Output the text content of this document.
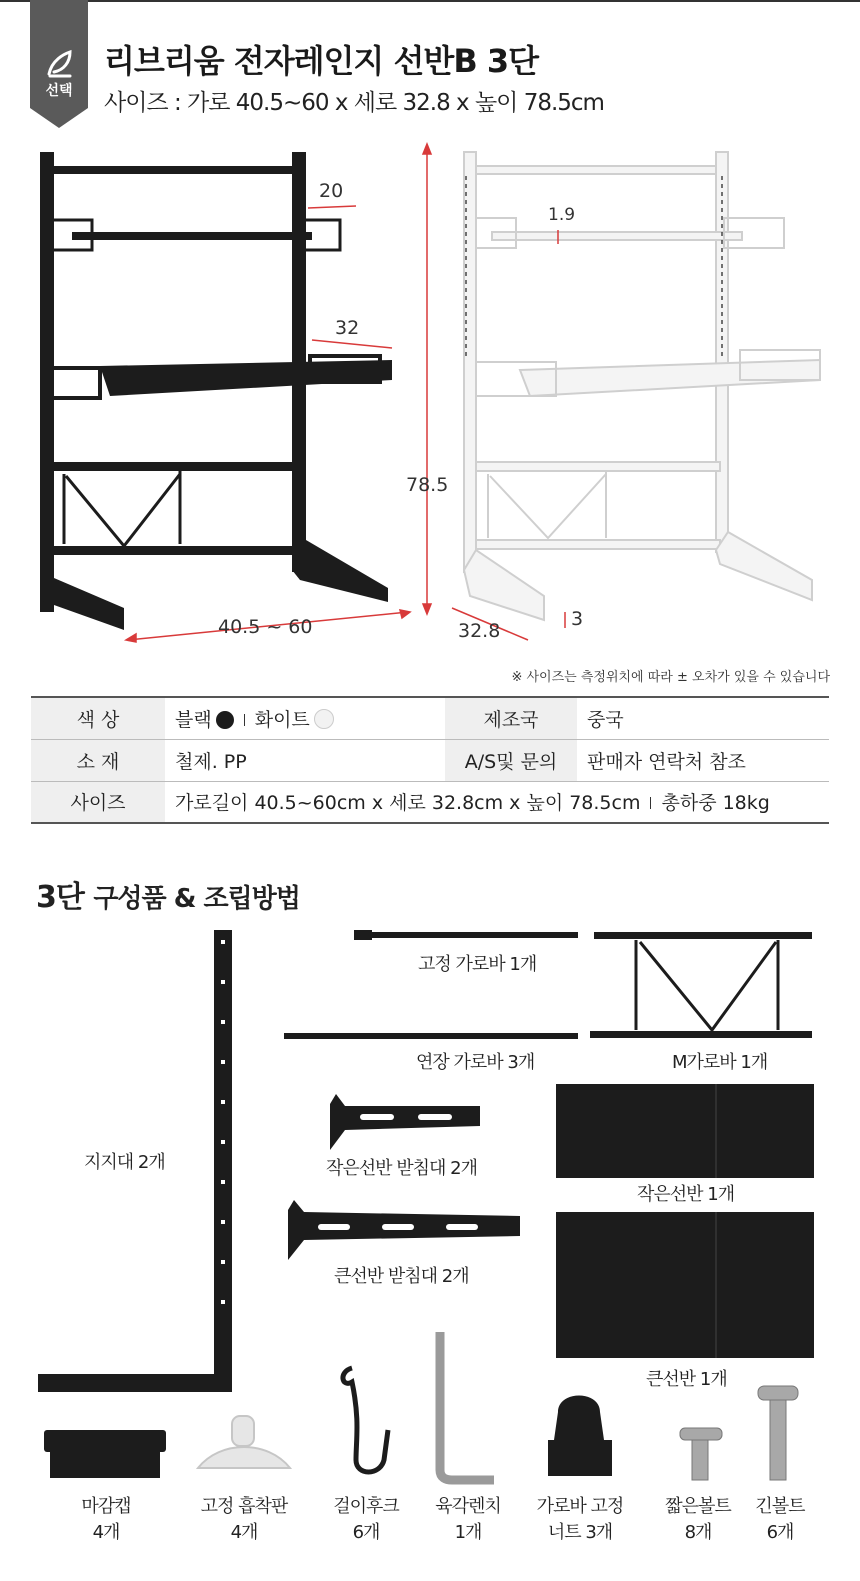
선택
리브리움 전자레인지 선반B 3단
사이즈 : 가로 40.5~60 x 세로 32.8 x 높이 78.5cm
20
32
78.5
40.5 ~ 60
1.9
32.8
3
※ 사이즈는 측정위치에 따라 ± 오차가 있을 수 있습니다
색 상	블랙 화이트	제조국	중국
소 재	철제. PP	A/S및 문의	판매자 연락처 참조
사이즈	가로길이 40.5~60cm x 세로 32.8cm x 높이 78.5cm 총하중 18kg		
3단 구성품 & 조립방법
고정 가로바 1개
연장 가로바 3개	M가로바 1개
지지대 2개	작은선반 받침대 2개
작은선반 1개
큰선반 받침대 2개
큰선반 1개
마감캡
4개
고정 흡착판
4개
걸이후크
6개
육각렌치
1개
가로바 고정
너트 3개
짧은볼트
8개
긴볼트
6개
